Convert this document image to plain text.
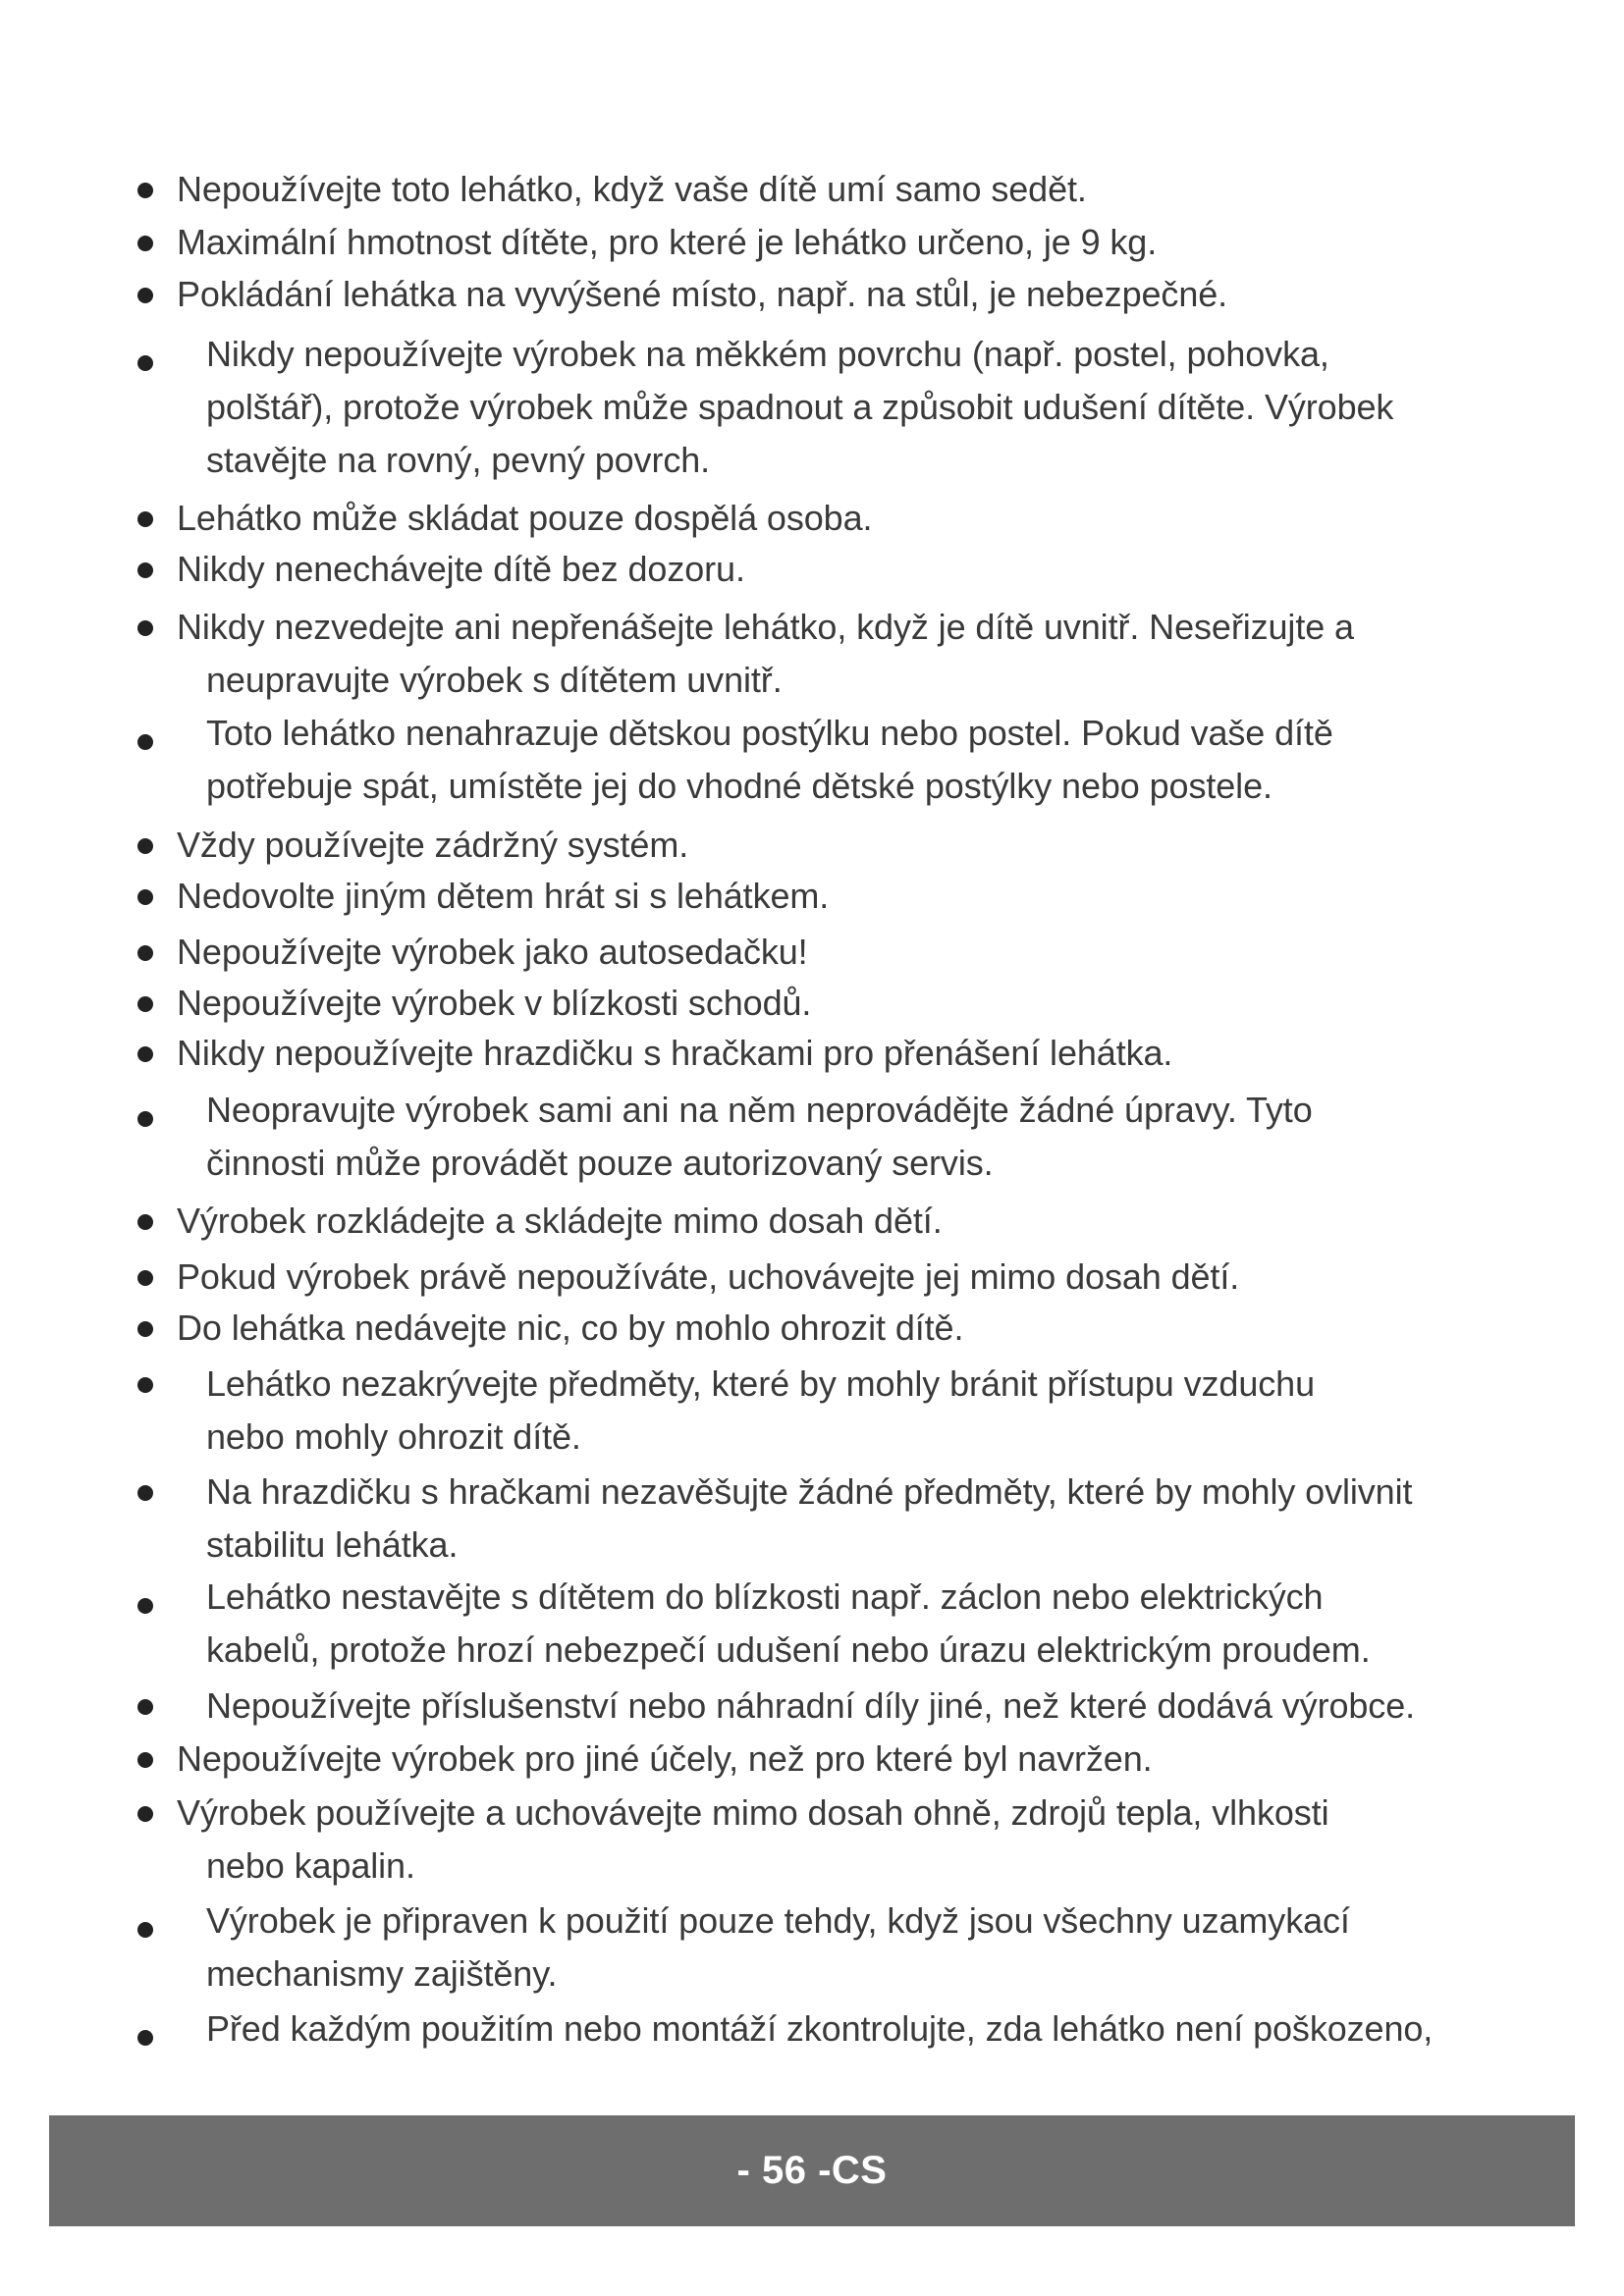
Nepoužívejte toto lehátko, když vaše dítě umí samo sedět.
Maximální hmotnost dítěte, pro které je lehátko určeno, je 9 kg.
Pokládání lehátka na vyvýšené místo, např. na stůl, je nebezpečné.
Nikdy nepoužívejte výrobek na měkkém povrchu (např. postel, pohovka,
polštář), protože výrobek může spadnout a způsobit udušení dítěte. Výrobek
stavějte na rovný, pevný povrch.
Lehátko může skládat pouze dospělá osoba.
Nikdy nenechávejte dítě bez dozoru.
Nikdy nezvedejte ani nepřenášejte lehátko, když je dítě uvnitř. Neseřizujte a
neupravujte výrobek s dítětem uvnitř.
Toto lehátko nenahrazuje dětskou postýlku nebo postel. Pokud vaše dítě
potřebuje spát, umístěte jej do vhodné dětské postýlky nebo postele.
Vždy používejte zádržný systém.
Nedovolte jiným dětem hrát si s lehátkem.
Nepoužívejte výrobek jako autosedačku!
Nepoužívejte výrobek v blízkosti schodů.
Nikdy nepoužívejte hrazdičku s hračkami pro přenášení lehátka.
Neopravujte výrobek sami ani na něm neprovádějte žádné úpravy. Tyto
činnosti může provádět pouze autorizovaný servis.
Výrobek rozkládejte a skládejte mimo dosah dětí.
Pokud výrobek právě nepoužíváte, uchovávejte jej mimo dosah dětí.
Do lehátka nedávejte nic, co by mohlo ohrozit dítě.
Lehátko nezakrývejte předměty, které by mohly bránit přístupu vzduchu
nebo mohly ohrozit dítě.
Na hrazdičku s hračkami nezavěšujte žádné předměty, které by mohly ovlivnit
stabilitu lehátka.
Lehátko nestavějte s dítětem do blízkosti např. záclon nebo elektrických
kabelů, protože hrozí nebezpečí udušení nebo úrazu elektrickým proudem.
Nepoužívejte příslušenství nebo náhradní díly jiné, než které dodává výrobce.
Nepoužívejte výrobek pro jiné účely, než pro které byl navržen.
Výrobek používejte a uchovávejte mimo dosah ohně, zdrojů tepla, vlhkosti
nebo kapalin.
Výrobek je připraven k použití pouze tehdy, když jsou všechny uzamykací
mechanismy zajištěny.
Před každým použitím nebo montáží zkontrolujte, zda lehátko není poškozeno,
- 56 -CS
